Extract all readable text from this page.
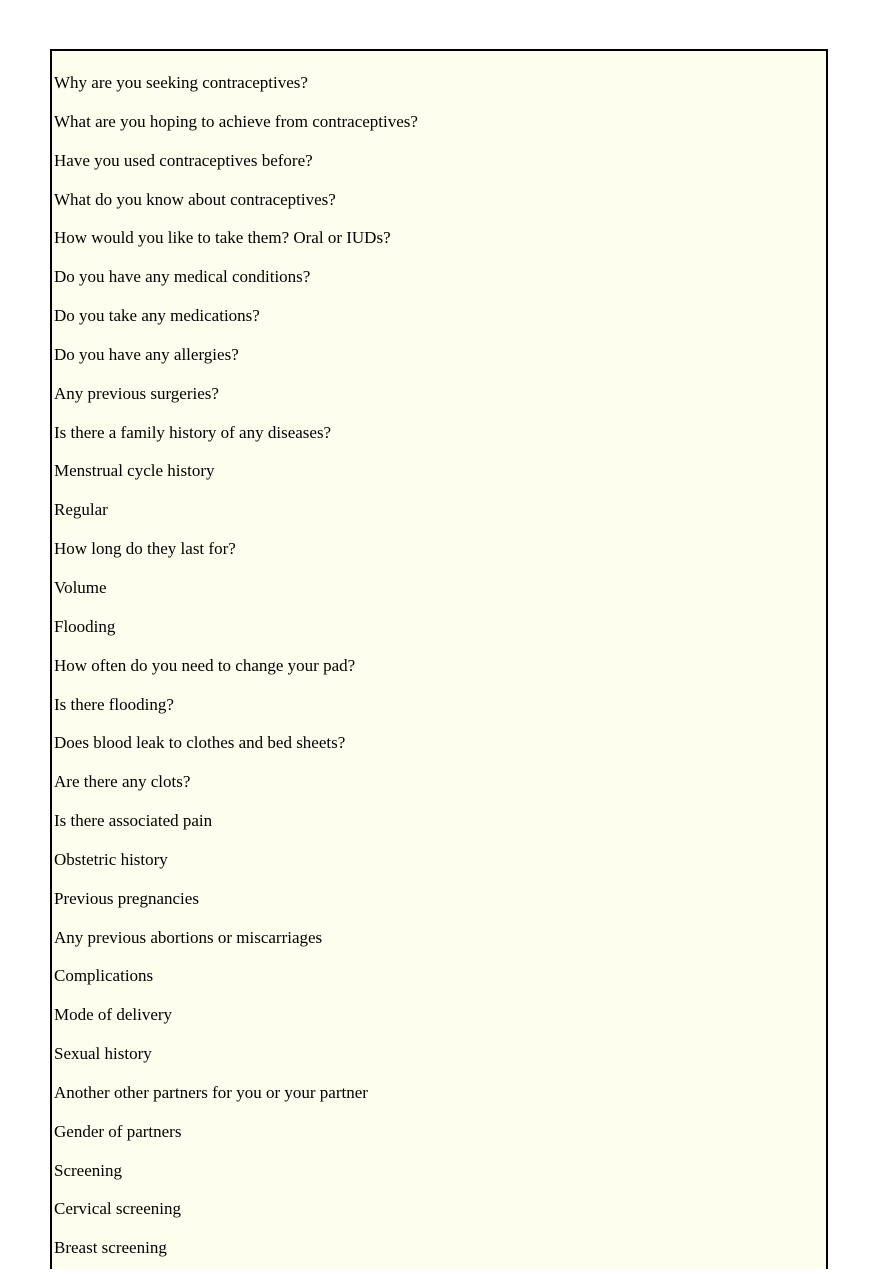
Why are you seeking contraceptives?
What are you hoping to achieve from contraceptives?
Have you used contraceptives before?
What do you know about contraceptives?
How would you like to take them? Oral or IUDs?
Do you have any medical conditions?
Do you take any medications?
Do you have any allergies?
Any previous surgeries?
Is there a family history of any diseases?
Menstrual cycle history
Regular
How long do they last for?
Volume
Flooding
How often do you need to change your pad?
Is there flooding?
Does blood leak to clothes and bed sheets?
Are there any clots?
Is there associated pain
Obstetric history
Previous pregnancies
Any previous abortions or miscarriages
Complications
Mode of delivery
Sexual history
Another other partners for you or your partner
Gender of partners
Screening
Cervical screening
Breast screening
